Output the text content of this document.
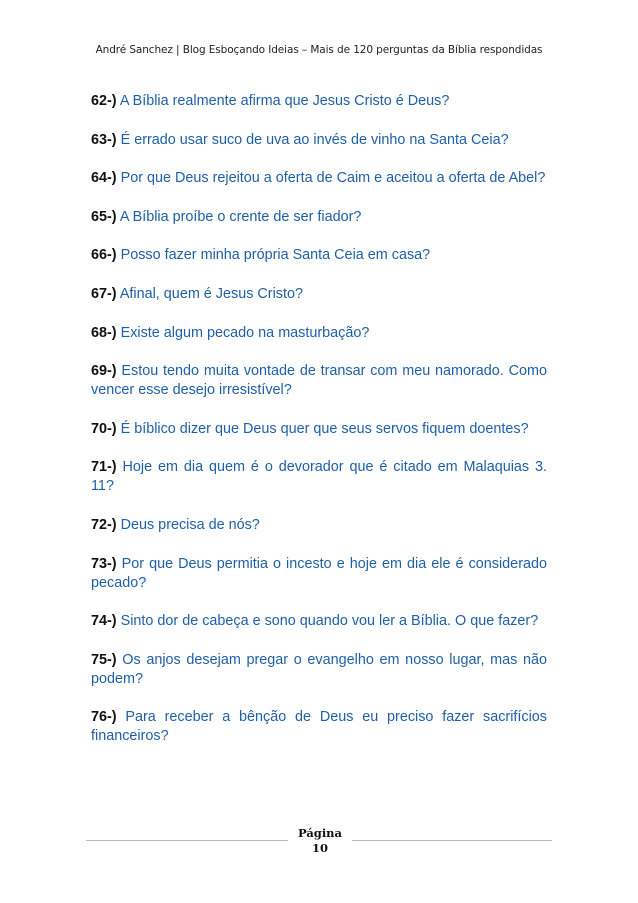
André Sanchez | Blog Esboçando Ideias – Mais de 120 perguntas da Bíblia respondidas
62-) A Bíblia realmente afirma que Jesus Cristo é Deus?
63-) É errado usar suco de uva ao invés de vinho na Santa Ceia?
64-) Por que Deus rejeitou a oferta de Caim e aceitou a oferta de Abel?
65-) A Bíblia proíbe o crente de ser fiador?
66-) Posso fazer minha própria Santa Ceia em casa?
67-) Afinal, quem é Jesus Cristo?
68-) Existe algum pecado na masturbação?
69-) Estou tendo muita vontade de transar com meu namorado. Como vencer esse desejo irresistível?
70-) É bíblico dizer que Deus quer que seus servos fiquem doentes?
71-) Hoje em dia quem é o devorador que é citado em Malaquias 3. 11?
72-) Deus precisa de nós?
73-) Por que Deus permitia o incesto e hoje em dia ele é considerado pecado?
74-) Sinto dor de cabeça e sono quando vou ler a Bíblia. O que fazer?
75-) Os anjos desejam pregar o evangelho em nosso lugar, mas não podem?
76-) Para receber a bênção de Deus eu preciso fazer sacrifícios financeiros?
Página
10
